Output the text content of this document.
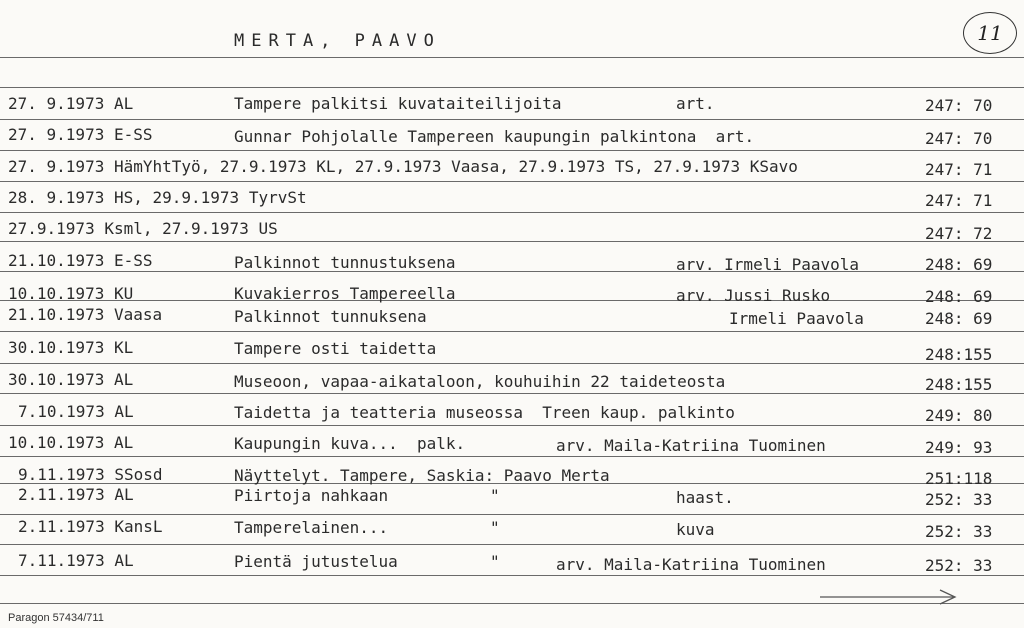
MERTA, PAAVO	11
27. 9.1973 AL	Tampere palkitsi kuvataiteilijoita	art.	247: 70
27. 9.1973 E-SS	Gunnar Pohjolalle Tampereen kaupungin palkintona  art.	247: 70
27. 9.1973 HämYhtTyö, 27.9.1973 KL, 27.9.1973 Vaasa, 27.9.1973 TS, 27.9.1973 KSavo	247: 71
28. 9.1973 HS, 29.9.1973 TyrvSt	247: 71
27.9.1973 Ksml, 27.9.1973 US	247: 72
21.10.1973 E-SS	Palkinnot tunnustuksena	arv. Irmeli Paavola	248: 69
10.10.1973 KU	Kuvakierros Tampereella	arv. Jussi Rusko	248: 69
21.10.1973 Vaasa	Palkinnot tunnuksena	Irmeli Paavola	248: 69
30.10.1973 KL	Tampere osti taidetta	248:155
30.10.1973 AL	Museoon, vapaa-aikataloon, kouhuihin 22 taideteosta	248:155
7.10.1973 AL	Taidetta ja teatteria museossa  Treen kaup. palkinto	249: 80
10.10.1973 AL	Kaupungin kuva...  palk.	arv. Maila-Katriina Tuominen	249: 93
9.11.1973 SSosd	Näyttelyt. Tampere, Saskia: Paavo Merta	251:118
2.11.1973 AL	Piirtoja nahkaan	"	haast.	252: 33
2.11.1973 KansL	Tamperelainen...	"	kuva	252: 33
7.11.1973 AL	Pientä jutustelua	"	arv. Maila-Katriina Tuominen	252: 33
Paragon 57434/711
